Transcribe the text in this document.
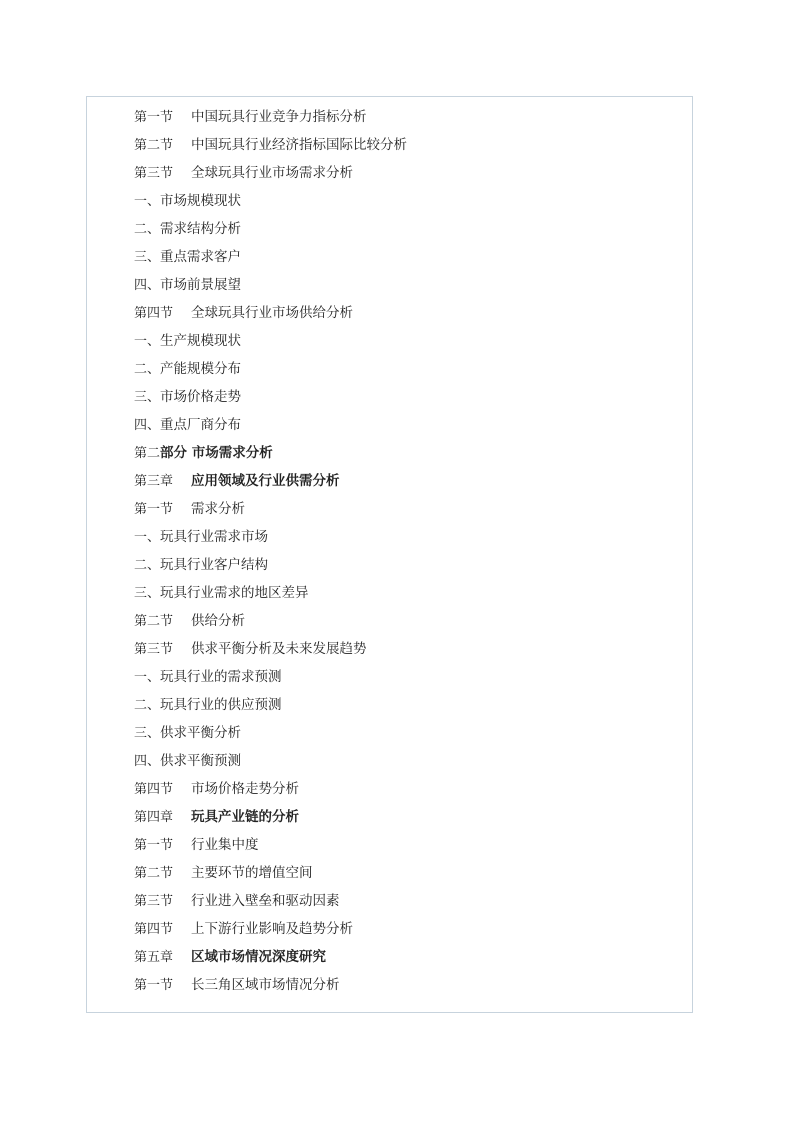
第一节 中国玩具行业竞争力指标分析
第二节 中国玩具行业经济指标国际比较分析
第三节 全球玩具行业市场需求分析
一、市场规模现状
二、需求结构分析
三、重点需求客户
四、市场前景展望
第四节 全球玩具行业市场供给分析
一、生产规模现状
二、产能规模分布
三、市场价格走势
四、重点厂商分布
第二部分 市场需求分析
第三章 应用领域及行业供需分析
第一节 需求分析
一、玩具行业需求市场
二、玩具行业客户结构
三、玩具行业需求的地区差异
第二节 供给分析
第三节 供求平衡分析及未来发展趋势
一、玩具行业的需求预测
二、玩具行业的供应预测
三、供求平衡分析
四、供求平衡预测
第四节 市场价格走势分析
第四章 玩具产业链的分析
第一节 行业集中度
第二节 主要环节的增值空间
第三节 行业进入壁垒和驱动因素
第四节 上下游行业影响及趋势分析
第五章 区域市场情况深度研究
第一节 长三角区域市场情况分析
